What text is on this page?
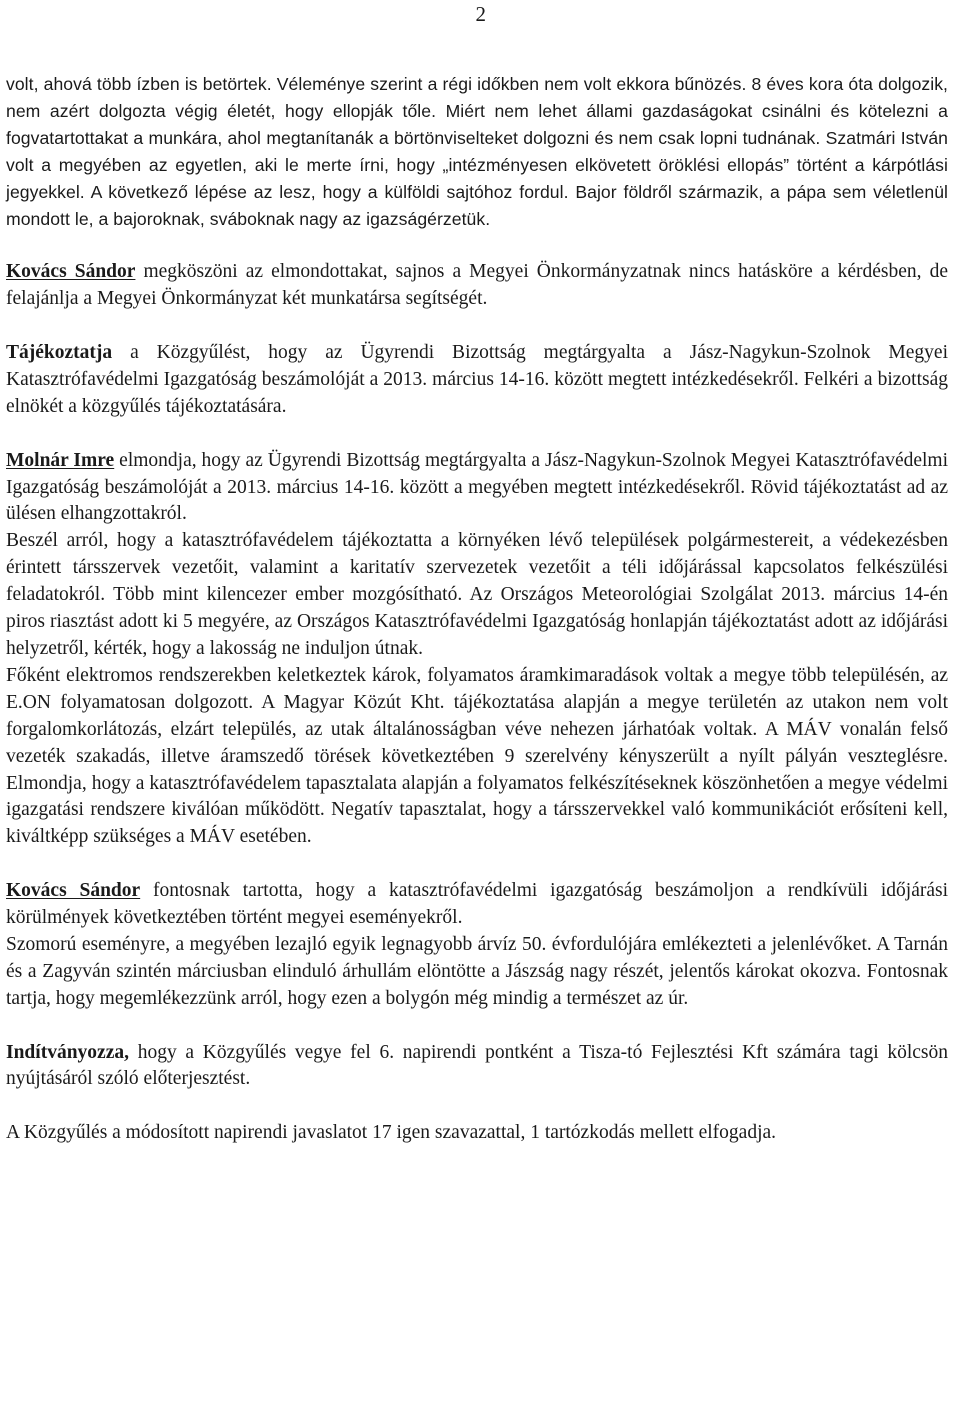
2

volt, ahová több ízben is betörtek. Véleménye szerint a régi időkben nem volt ekkora bűnözés. 8 éves kora óta dolgozik, nem azért dolgozta végig életét, hogy ellopják tőle. Miért nem lehet állami gazdaságokat csinálni és kötelezni a fogvatartottakat a munkára, ahol megtanítanák a börtönviselteket dolgozni és nem csak lopni tudnának. Szatmári István volt a megyében az egyetlen, aki le merte írni, hogy „intézményesen elkövetett öröklési ellopás” történt a kárpótlási jegyekkel. A következő lépése az lesz, hogy a külföldi sajtóhoz fordul. Bajor földről származik, a pápa sem véletlenül mondott le, a bajoroknak, sváboknak nagy az igazságérzetük.

Kovács Sándor megköszöni az elmondottakat, sajnos a Megyei Önkormányzatnak nincs hatásköre a kérdésben, de felajánlja a Megyei Önkormányzat két munkatársa segítségét.

Tájékoztatja a Közgyűlést, hogy az Ügyrendi Bizottság megtárgyalta a Jász-Nagykun-Szolnok Megyei Katasztrófavédelmi Igazgatóság beszámolóját a 2013. március 14-16. között megtett intézkedésekről. Felkéri a bizottság elnökét a közgyűlés tájékoztatására.

Molnár Imre elmondja, hogy az Ügyrendi Bizottság megtárgyalta a Jász-Nagykun-Szolnok Megyei Katasztrófavédelmi Igazgatóság beszámolóját a 2013. március 14-16. között a megyében megtett intézkedésekről. Rövid tájékoztatást ad az ülésen elhangzottakról.

Beszél arról, hogy a katasztrófavédelem tájékoztatta a környéken lévő települések polgármestereit, a védekezésben érintett társszervek vezetőit, valamint a karitatív szervezetek vezetőit a téli időjárással kapcsolatos felkészülési feladatokról. Több mint kilencezer ember mozgósítható. Az Országos Meteorológiai Szolgálat 2013. március 14-én piros riasztást adott ki 5 megyére, az Országos Katasztrófavédelmi Igazgatóság honlapján tájékoztatást adott az időjárási helyzetről, kérték, hogy a lakosság ne induljon útnak.

Főként elektromos rendszerekben keletkeztek károk, folyamatos áramkimaradások voltak a megye több településén, az E.ON folyamatosan dolgozott. A Magyar Közút Kht. tájékoztatása alapján a megye területén az utakon nem volt forgalomkorlátozás, elzárt település, az utak általánosságban véve nehezen járhatóak voltak. A MÁV vonalán felső vezeték szakadás, illetve áramszedő törések következtében 9 szerelvény kényszerült a nyílt pályán veszteglésre. Elmondja, hogy a katasztrófavédelem tapasztalata alapján a folyamatos felkészítéseknek köszönhetően a megye védelmi igazgatási rendszere kiválóan működött. Negatív tapasztalat, hogy a társszervekkel való kommunikációt erősíteni kell, kiváltképp szükséges a MÁV esetében.

Kovács Sándor fontosnak tartotta, hogy a katasztrófavédelmi igazgatóság beszámoljon a rendkívüli időjárási körülmények következtében történt megyei eseményekről.

Szomorú eseményre, a megyében lezajló egyik legnagyobb árvíz 50. évfordulójára emlékezteti a jelenlévőket. A Tarnán és a Zagyván szintén márciusban elinduló árhullám elöntötte a Jászság nagy részét, jelentős károkat okozva. Fontosnak tartja, hogy megemlékezzünk arról, hogy ezen a bolygón még mindig a természet az úr.

Indítványozza, hogy a Közgyűlés vegye fel 6. napirendi pontként a Tisza-tó Fejlesztési Kft számára tagi kölcsön nyújtásáról szóló előterjesztést.

A Közgyűlés a módosított napirendi javaslatot 17 igen szavazattal, 1 tartózkodás mellett elfogadja.
